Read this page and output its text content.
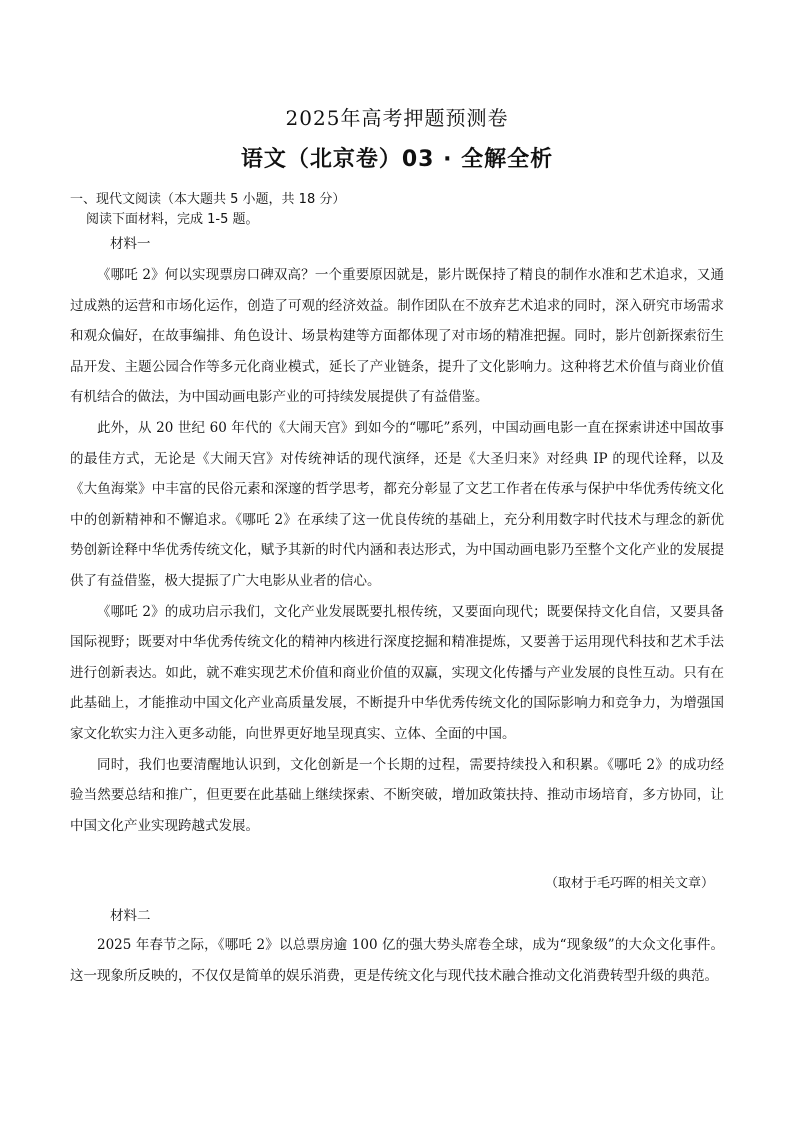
2025年高考押题预测卷
语文（北京卷）03 · 全解全析
一、现代文阅读（本大题共 5 小题，共 18 分）
阅读下面材料，完成 1-5 题。
材料一

《哪吒 2》何以实现票房口碑双高？一个重要原因就是，影片既保持了精良的制作水准和艺术追求，又通过成熟的运营和市场化运作，创造了可观的经济效益。制作团队在不放弃艺术追求的同时，深入研究市场需求和观众偏好，在故事编排、角色设计、场景构建等方面都体现了对市场的精准把握。同时，影片创新探索衍生品开发、主题公园合作等多元化商业模式，延长了产业链条，提升了文化影响力。这种将艺术价值与商业价值有机结合的做法，为中国动画电影产业的可持续发展提供了有益借鉴。

此外，从 20 世纪 60 年代的《大闹天宫》到如今的“哪吒”系列，中国动画电影一直在探索讲述中国故事的最佳方式，无论是《大闹天宫》对传统神话的现代演绎，还是《大圣归来》对经典 IP 的现代诠释，以及《大鱼海棠》中丰富的民俗元素和深邃的哲学思考，都充分彰显了文艺工作者在传承与保护中华优秀传统文化中的创新精神和不懈追求。《哪吒 2》在承续了这一优良传统的基础上，充分利用数字时代技术与理念的新优势创新诠释中华优秀传统文化，赋予其新的时代内涵和表达形式，为中国动画电影乃至整个文化产业的发展提供了有益借鉴，极大提振了广大电影从业者的信心。

《哪吒 2》的成功启示我们，文化产业发展既要扎根传统，又要面向现代；既要保持文化自信，又要具备国际视野；既要对中华优秀传统文化的精神内核进行深度挖掘和精准提炼，又要善于运用现代科技和艺术手法进行创新表达。如此，就不难实现艺术价值和商业价值的双赢，实现文化传播与产业发展的良性互动。只有在此基础上，才能推动中国文化产业高质量发展，不断提升中华优秀传统文化的国际影响力和竞争力，为增强国家文化软实力注入更多动能，向世界更好地呈现真实、立体、全面的中国。

同时，我们也要清醒地认识到，文化创新是一个长期的过程，需要持续投入和积累。《哪吒 2》的成功经验当然要总结和推广，但更要在此基础上继续探索、不断突破，增加政策扶持、推动市场培育，多方协同，让中国文化产业实现跨越式发展。

（取材于毛巧晖的相关文章）
材料二

2025 年春节之际，《哪吒 2》以总票房逾 100 亿的强大势头席卷全球，成为“现象级”的大众文化事件。这一现象所反映的，不仅仅是简单的娱乐消费，更是传统文化与现代技术融合推动文化消费转型升级的典范。
